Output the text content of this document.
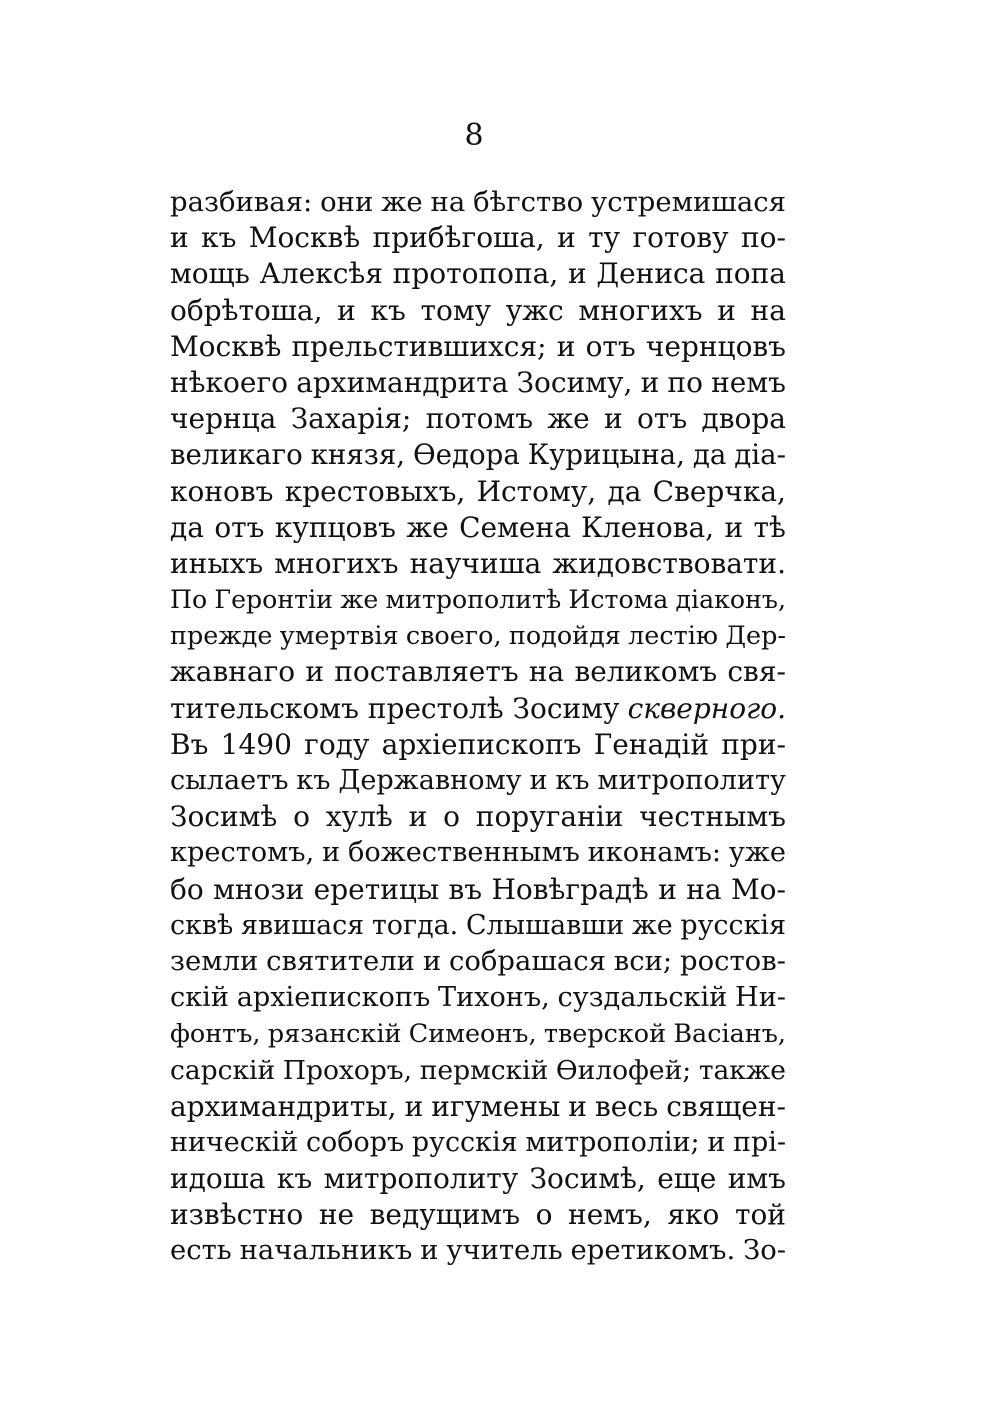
8
разбивая: они же на бѣгство устремишася
и къ Москвѣ прибѣгоша, и ту готову по-
мощь Алексѣя протопопа, и Дениса попа
обрѣтоша, и къ тому ужс многихъ и на
Москвѣ прельстившихся; и отъ чернцовъ
нѣкоего архимандрита Зосиму, и по немъ
чернца Захарія; потомъ же и отъ двора
великаго князя, Ѳедора Курицына, да діа-
коновъ крестовыхъ, Истому, да Сверчка,
да отъ купцовъ же Семена Кленова, и тѣ
иныхъ многихъ научиша жидовствовати.
По Геронтіи же митрополитѣ Истома діаконъ,
прежде умертвія своего, подойдя лестію Дер-
жавнаго и поставляетъ на великомъ свя-
тительскомъ престолѣ Зосиму скверного.
Въ 1490 году архіепископъ Генадій при-
сылаетъ къ Державному и къ митрополиту
Зосимѣ о хулѣ и о поруганіи честнымъ
крестомъ, и божественнымъ иконамъ: уже
бо мнози еретицы въ Новѣградѣ и на Мо-
сквѣ явишася тогда. Слышавши же русскія
земли святители и собрашася вси; ростов-
скій архіепископъ Тихонъ, суздальскій Ни-
фонтъ, рязанскій Симеонъ, тверской Васіанъ,
сарскій Прохоръ, пермскій Ѳилофей; также
архимандриты, и игумены и весь священ-
ническій соборъ русскія митрополіи; и прі-
идоша къ митрополиту Зосимѣ, еще имъ
извѣстно не ведущимъ о немъ, яко той
есть начальникъ и учитель еретикомъ. Зо-
